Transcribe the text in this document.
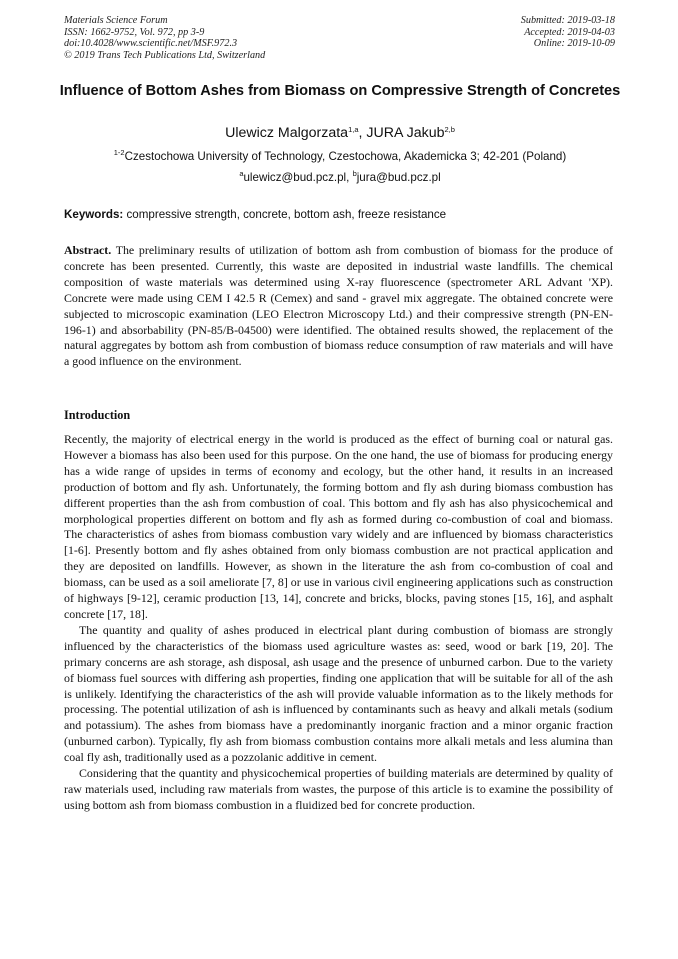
Materials Science Forum
ISSN: 1662-9752, Vol. 972, pp 3-9
doi:10.4028/www.scientific.net/MSF.972.3
© 2019 Trans Tech Publications Ltd, Switzerland
Submitted: 2019-03-18
Accepted: 2019-04-03
Online: 2019-10-09
Influence of Bottom Ashes from Biomass on Compressive Strength of Concretes
Ulewicz Malgorzata$^{1,a}$, JURA Jakub$^{2,b}$
$^{1-2}$Czestochowa University of Technology, Czestochowa, Akademicka 3; 42-201 (Poland)
$^a$ulewicz@bud.pcz.pl, $^b$jura@bud.pcz.pl
Keywords: compressive strength, concrete, bottom ash, freeze resistance
Abstract. The preliminary results of utilization of bottom ash from combustion of biomass for the produce of concrete has been presented. Currently, this waste are deposited in industrial waste landfills. The chemical composition of waste materials was determined using X-ray fluorescence (spectrometer ARL Advant 'XP). Concrete were made using CEM I 42.5 R (Cemex) and sand - gravel mix aggregate. The obtained concrete were subjected to microscopic examination (LEO Electron Microscopy Ltd.) and their compressive strength (PN-EN-196-1) and absorbability (PN-85/B-04500) were identified. The obtained results showed, the replacement of the natural aggregates by bottom ash from combustion of biomass reduce consumption of raw materials and will have a good influence on the environment.
Introduction

Recently, the majority of electrical energy in the world is produced as the effect of burning coal or natural gas. However a biomass has also been used for this purpose. On the one hand, the use of biomass for producing energy has a wide range of upsides in terms of economy and ecology, but the other hand, it results in an increased production of bottom and fly ash. Unfortunately, the forming bottom and fly ash during biomass combustion has different properties than the ash from combustion of coal. This bottom and fly ash has also physicochemical and morphological properties different on bottom and fly ash as formed during co-combustion of coal and biomass. The characteristics of ashes from biomass combustion vary widely and are influenced by biomass characteristics [1-6]. Presently bottom and fly ashes obtained from only biomass combustion are not practical application and they are deposited on landfills. However, as shown in the literature the ash from co-combustion of coal and biomass, can be used as a soil ameliorate [7, 8] or use in various civil engineering applications such as construction of highways [9-12], ceramic production [13, 14], concrete and bricks, blocks, paving stones [15, 16], and asphalt concrete [17, 18].

The quantity and quality of ashes produced in electrical plant during combustion of biomass are strongly influenced by the characteristics of the biomass used agriculture wastes as: seed, wood or bark [19, 20]. The primary concerns are ash storage, ash disposal, ash usage and the presence of unburned carbon. Due to the variety of biomass fuel sources with differing ash properties, finding one application that will be suitable for all of the ash is unlikely. Identifying the characteristics of the ash will provide valuable information as to the likely methods for processing. The potential utilization of ash is influenced by contaminants such as heavy and alkali metals (sodium and potassium). The ashes from biomass have a predominantly inorganic fraction and a minor organic fraction (unburned carbon). Typically, fly ash from biomass combustion contains more alkali metals and less alumina than coal fly ash, traditionally used as a pozzolanic additive in cement.

Considering that the quantity and physicochemical properties of building materials are determined by quality of raw materials used, including raw materials from wastes, the purpose of this article is to examine the possibility of using bottom ash from biomass combustion in a fluidized bed for concrete production.
